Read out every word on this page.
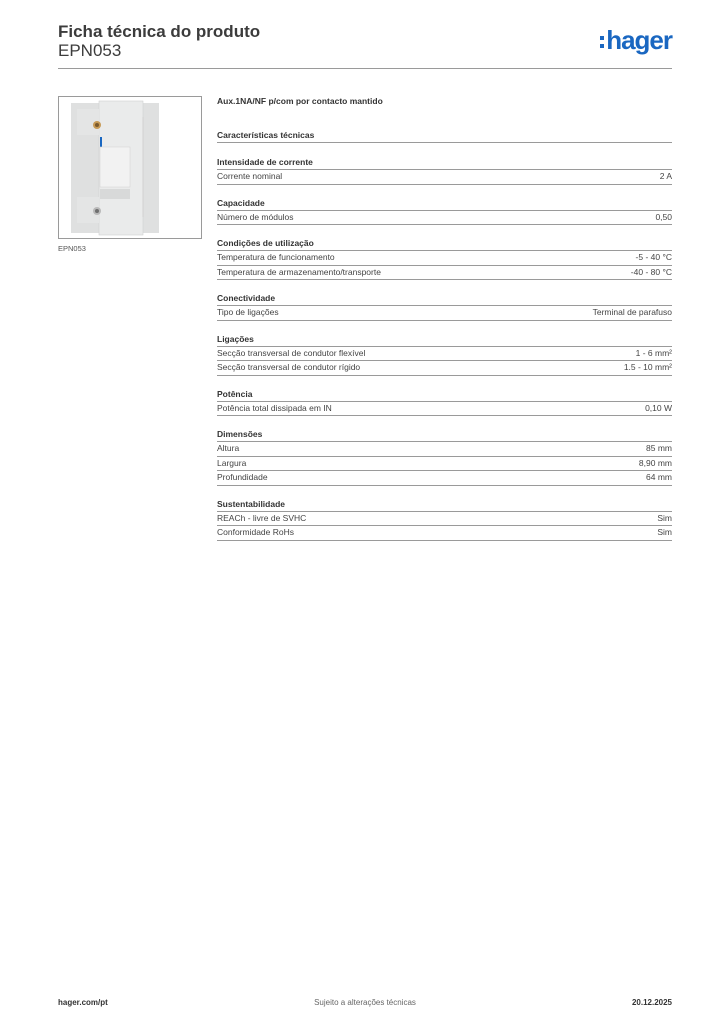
Ficha técnica do produto
EPN053	hager
EPN053
Aux.1NA/NF p/com por contacto mantido
Características técnicas
Intensidade de corrente
Corrente nominal	2 A
Capacidade
Número de módulos	0,50
Condições de utilização
Temperatura de funcionamento	-5 - 40 °C
Temperatura de armazenamento/transporte	-40 - 80 °C
Conectividade
Tipo de ligações	Terminal de parafuso
Ligações
Secção transversal de condutor flexível	1 - 6 mm²
Secção transversal de condutor rígido	1.5 - 10 mm²
Potência
Potência total dissipada em IN	0,10 W
Dimensões
Altura	85 mm
Largura	8,90 mm
Profundidade	64 mm
Sustentabilidade
REACh - livre de SVHC	Sim
Conformidade RoHs	Sim
hager.com/pt	Sujeito a alterações técnicas	20.12.2025
